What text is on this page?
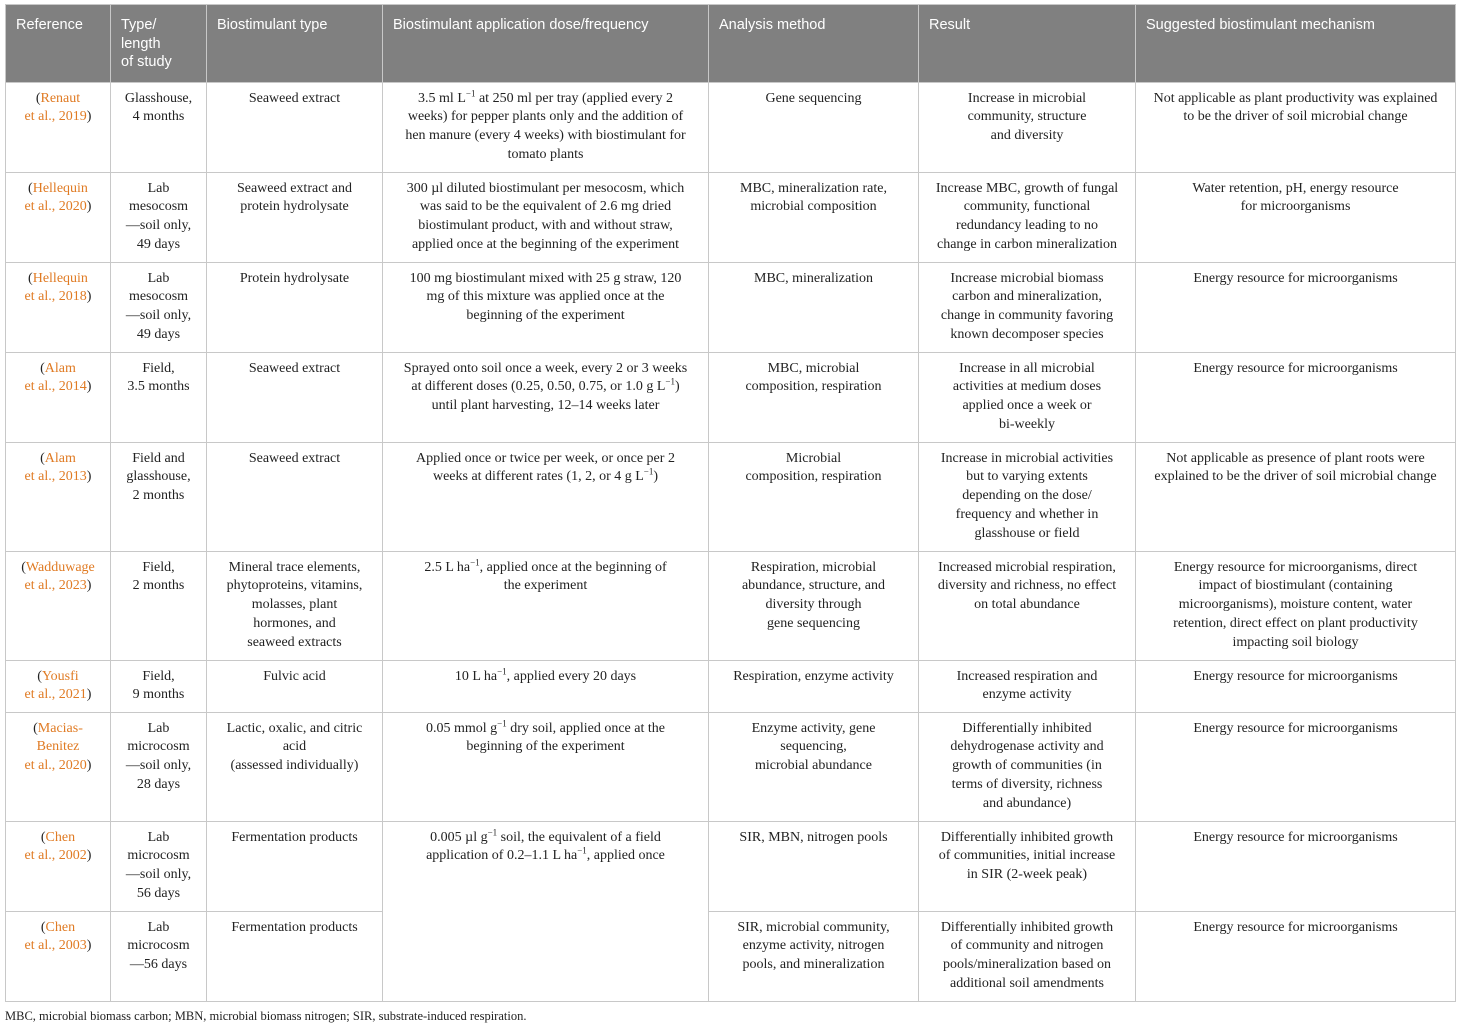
Reference	Type/
length
of study	Biostimulant type	Biostimulant application dose/frequency	Analysis method	Result	Suggested biostimulant mechanism

(Renaut
et al., 2019)	Glasshouse,
4 months	Seaweed extract	3.5 ml $L^{-1}$ at 250 ml per tray (applied every 2
weeks) for pepper plants only and the addition of
hen manure (every 4 weeks) with biostimulant for
tomato plants	Gene sequencing	Increase in microbial
community, structure
and diversity	Not applicable as plant productivity was explained
to be the driver of soil microbial change

(Hellequin
et al., 2020)	Lab
mesocosm
—soil only,
49 days	Seaweed extract and
protein hydrolysate	300 µl diluted biostimulant per mesocosm, which
was said to be the equivalent of 2.6 mg dried
biostimulant product, with and without straw,
applied once at the beginning of the experiment	MBC, mineralization rate,
microbial composition	Increase MBC, growth of fungal
community, functional
redundancy leading to no
change in carbon mineralization	Water retention, pH, energy resource
for microorganisms

(Hellequin
et al., 2018)	Lab
mesocosm
—soil only,
49 days	Protein hydrolysate	100 mg biostimulant mixed with 25 g straw, 120
mg of this mixture was applied once at the
beginning of the experiment	MBC, mineralization	Increase microbial biomass
carbon and mineralization,
change in community favoring
known decomposer species	Energy resource for microorganisms

(Alam
et al., 2014)	Field,
3.5 months	Seaweed extract	Sprayed onto soil once a week, every 2 or 3 weeks
at different doses (0.25, 0.50, 0.75, or 1.0 g $L^{-1}$)
until plant harvesting, 12–14 weeks later	MBC, microbial
composition, respiration	Increase in all microbial
activities at medium doses
applied once a week or
bi-weekly	Energy resource for microorganisms

(Alam
et al., 2013)	Field and
glasshouse,
2 months	Seaweed extract	Applied once or twice per week, or once per 2
weeks at different rates (1, 2, or 4 g $L^{-1}$)	Microbial
composition, respiration	Increase in microbial activities
but to varying extents
depending on the dose/
frequency and whether in
glasshouse or field	Not applicable as presence of plant roots were
explained to be the driver of soil microbial change

(Wadduwage
et al., 2023)	Field,
2 months	Mineral trace elements,
phytoproteins, vitamins,
molasses, plant
hormones, and
seaweed extracts	2.5 L $ha^{-1}$, applied once at the beginning of
the experiment	Respiration, microbial
abundance, structure, and
diversity through
gene sequencing	Increased microbial respiration,
diversity and richness, no effect
on total abundance	Energy resource for microorganisms, direct
impact of biostimulant (containing
microorganisms), moisture content, water
retention, direct effect on plant productivity
impacting soil biology

(Yousfi
et al., 2021)	Field,
9 months	Fulvic acid	10 L $ha^{-1}$, applied every 20 days	Respiration, enzyme activity	Increased respiration and
enzyme activity	Energy resource for microorganisms

(Macias-
Benitez
et al., 2020)	Lab
microcosm
—soil only,
28 days	Lactic, oxalic, and citric
acid
(assessed individually)	0.05 mmol $g^{-1}$ dry soil, applied once at the
beginning of the experiment	Enzyme activity, gene
sequencing,
microbial abundance	Differentially inhibited
dehydrogenase activity and
growth of communities (in
terms of diversity, richness
and abundance)	Energy resource for microorganisms

(Chen
et al., 2002)	Lab
microcosm
—soil only,
56 days	Fermentation products	0.005 µl $g^{-1}$ soil, the equivalent of a field
application of 0.2–1.1 L $ha^{-1}$, applied once	SIR, MBN, nitrogen pools	Differentially inhibited growth
of communities, initial increase
in SIR (2-week peak)	Energy resource for microorganisms

(Chen
et al., 2003)	Lab
microcosm
—56 days	Fermentation products		SIR, microbial community,
enzyme activity, nitrogen
pools, and mineralization	Differentially inhibited growth
of community and nitrogen
pools/mineralization based on
additional soil amendments	Energy resource for microorganisms
MBC, microbial biomass carbon; MBN, microbial biomass nitrogen; SIR, substrate-induced respiration.
